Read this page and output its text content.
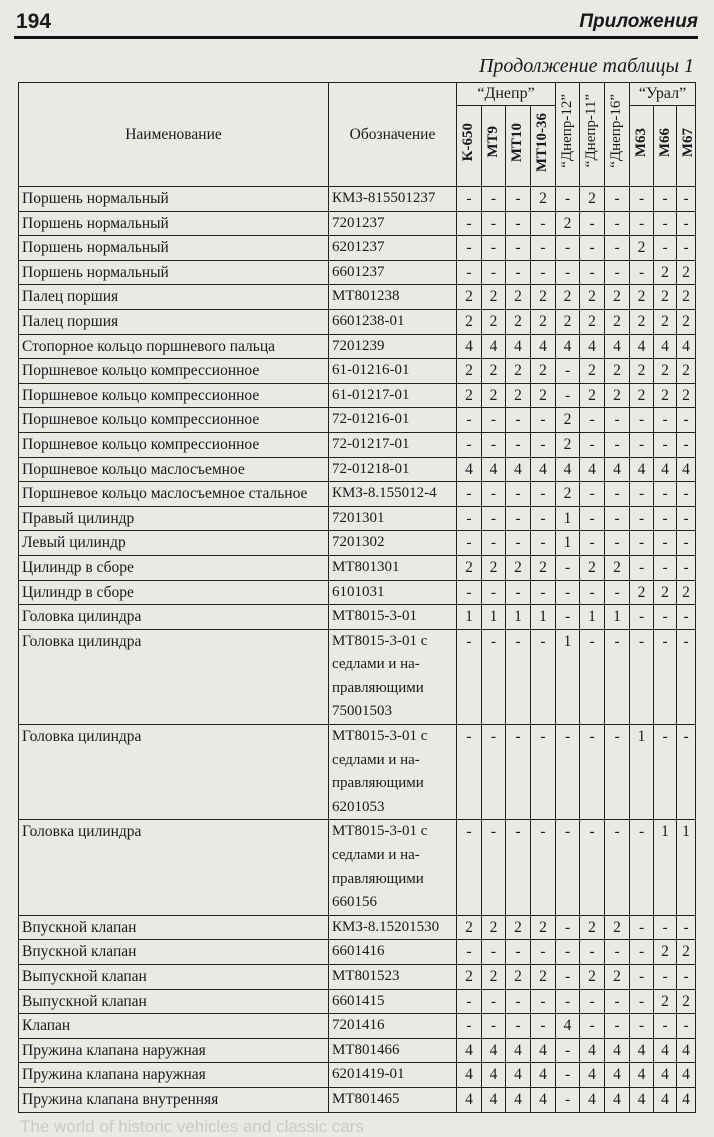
194	Приложения
Продолжение таблицы 1
Наименование	Обозначение	“Днепр”				“Днепр-12”	“Днепр-11”	“Днепр-16”	“Урал”		
		К-650	МТ9	МТ10	МТ10-36				М63	М66	М67
Поршень нормальный	КМЗ-815501237	-	-	-	2	-	2	-	-	-	-
Поршень нормальный	7201237	-	-	-	-	2	-	-	-	-	-
Поршень нормальный	6201237	-	-	-	-	-	-	-	2	-	-
Поршень нормальный	6601237	-	-	-	-	-	-	-	-	2	2
Палец поршия	МТ801238	2	2	2	2	2	2	2	2	2	2
Палец поршия	6601238-01	2	2	2	2	2	2	2	2	2	2
Стопорное кольцо поршневого пальца	7201239	4	4	4	4	4	4	4	4	4	4
Поршневое кольцо компрессионное	61-01216-01	2	2	2	2	-	2	2	2	2	2
Поршневое кольцо компрессионное	61-01217-01	2	2	2	2	-	2	2	2	2	2
Поршневое кольцо компрессионное	72-01216-01	-	-	-	-	2	-	-	-	-	-
Поршневое кольцо компрессионное	72-01217-01	-	-	-	-	2	-	-	-	-	-
Поршневое кольцо маслосъемное	72-01218-01	4	4	4	4	4	4	4	4	4	4
Поршневое кольцо маслосъемное стальное	КМЗ-8.155012-4	-	-	-	-	2	-	-	-	-	-
Правый цилиндр	7201301	-	-	-	-	1	-	-	-	-	-
Левый цилиндр	7201302	-	-	-	-	1	-	-	-	-	-
Цилиндр в сборе	МТ801301	2	2	2	2	-	2	2	-	-	-
Цилиндр в сборе	6101031	-	-	-	-	-	-	-	2	2	2
Головка цилиндра	МТ8015-3-01	1	1	1	1	-	1	1	-	-	-
Головка цилиндра	МТ8015-3-01 с седлами и на-правляющими 75001503	-	-	-	-	1	-	-	-	-	-
Головка цилиндра	МТ8015-3-01 с седлами и на-правляющими 6201053	-	-	-	-	-	-	-	1	-	-
Головка цилиндра	МТ8015-3-01 с седлами и на-правляющими 660156	-	-	-	-	-	-	-	-	1	1
Впускной клапан	КМЗ-8.15201530	2	2	2	2	-	2	2	-	-	-
Впускной клапан	6601416	-	-	-	-	-	-	-	-	2	2
Выпускной клапан	МТ801523	2	2	2	2	-	2	2	-	-	-
Выпускной клапан	6601415	-	-	-	-	-	-	-	-	2	2
Клапан	7201416	-	-	-	-	4	-	-	-	-	-
Пружина клапана наружная	МТ801466	4	4	4	4	-	4	4	4	4	4
Пружина клапана наружная	6201419-01	4	4	4	4	-	4	4	4	4	4
Пружина клапана внутренняя	МТ801465	4	4	4	4	-	4	4	4	4	4
The world of historic vehicles and classic cars
